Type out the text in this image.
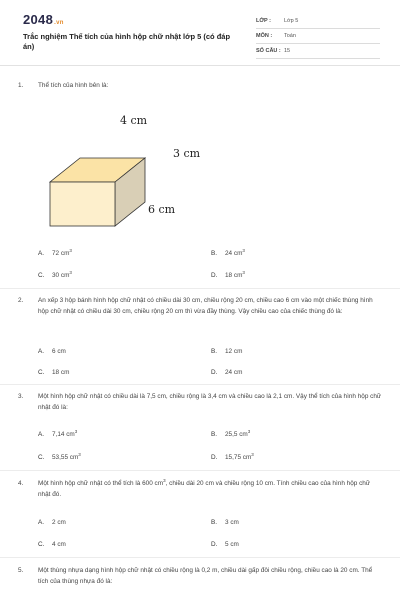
2048 .vn
Trắc nghiệm Thể tích của hình hộp chữ nhật lớp 5 (có đáp án)
LỚP :	Lớp 5
MÔN :	Toán
SỐ CÂU : 15
1.	Thể tích của hình bên là:
4 cm
3 cm
6 cm
A.	72 $cm^3$	B.	24 $cm^3$
C.	30 $cm^3$	D.	18 $cm^3$
2.	An xếp 3 hộp bánh hình hộp chữ nhật có chiều dài 30 cm, chiều rộng 20 cm, chiều cao 6 cm vào một chiếc thùng hình hộp chữ nhật có chiều dài 30 cm, chiều rộng 20 cm thì vừa đầy thùng. Vậy chiều cao của chiếc thùng đó là:
A.	6 cm	B.	12 cm
C.	18 cm	D.	24 cm
3.	Một hình hộp chữ nhật có chiều dài là 7,5 cm, chiều rộng là 3,4 cm và chiều cao là 2,1 cm. Vậy thể tích của hình hộp chữ nhật đó là:
A.	7,14 $cm^3$	B.	25,5 $cm^3$
C.	53,55 $cm^3$	D.	15,75 $cm^3$
4.	Một hình hộp chữ nhật có thể tích là 600 $cm^3$, chiều dài 20 cm và chiều rộng 10 cm. Tính chiều cao của hình hộp chữ nhật đó.
A.	2 cm	B.	3 cm
C.	4 cm	D.	5 cm
5.	Một thùng nhựa dạng hình hộp chữ nhật có chiều rộng là 0,2 m, chiều dài gấp đôi chiều rộng, chiều cao là 20 cm. Thể tích của thùng nhựa đó là:
